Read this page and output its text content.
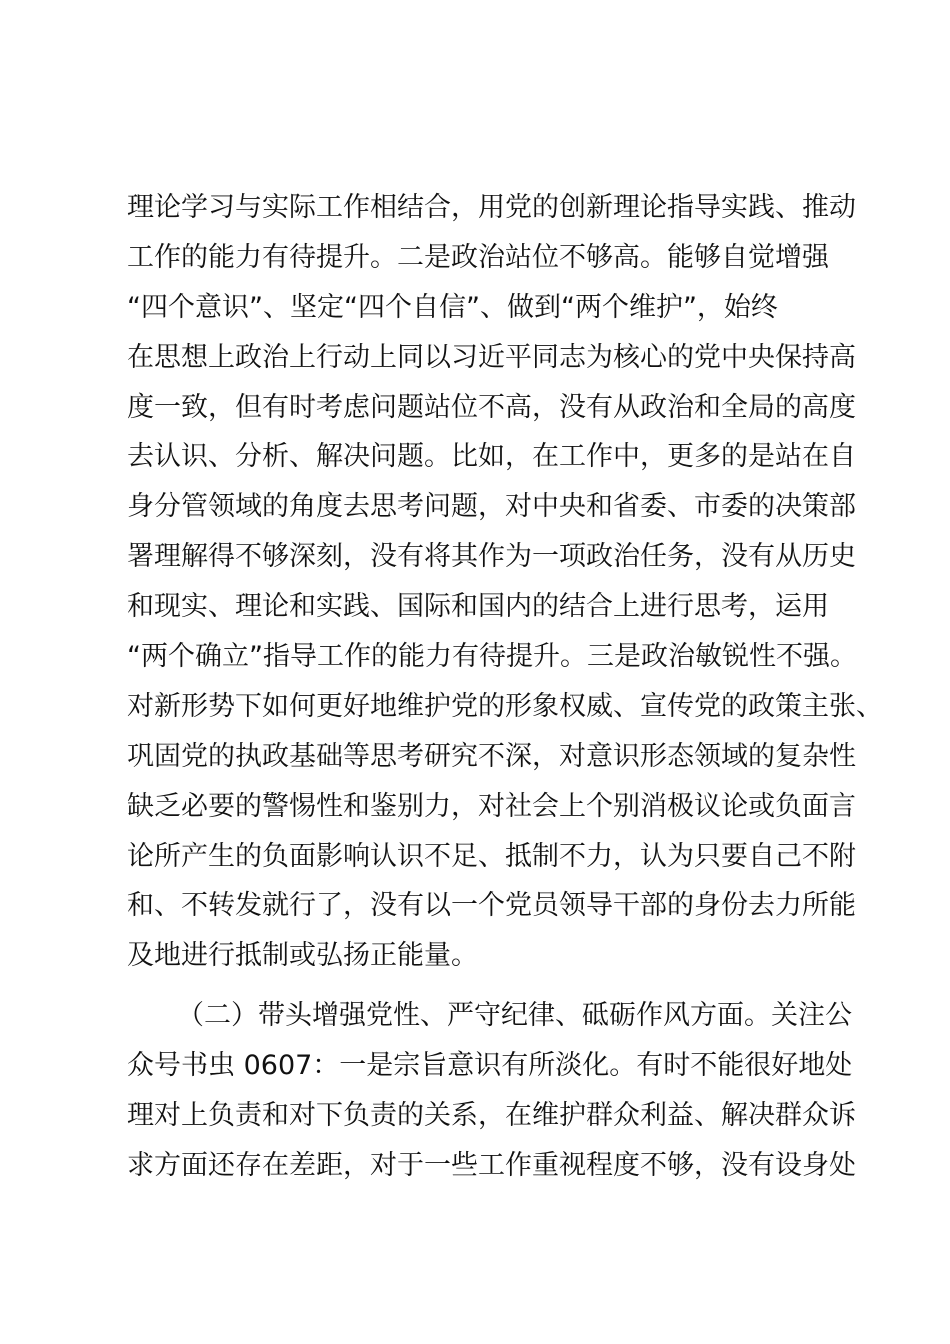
理论学习与实际工作相结合，用党的创新理论指导实践、推动
工作的能力有待提升。二是政治站位不够高。能够自觉增强
“四个意识”、坚定“四个自信”、做到“两个维护”，始终
在思想上政治上行动上同以习近平同志为核心的党中央保持高
度一致，但有时考虑问题站位不高，没有从政治和全局的高度
去认识、分析、解决问题。比如，在工作中，更多的是站在自
身分管领域的角度去思考问题，对中央和省委、市委的决策部
署理解得不够深刻，没有将其作为一项政治任务，没有从历史
和现实、理论和实践、国际和国内的结合上进行思考，运用
“两个确立”指导工作的能力有待提升。三是政治敏锐性不强。
对新形势下如何更好地维护党的形象权威、宣传党的政策主张、
巩固党的执政基础等思考研究不深，对意识形态领域的复杂性
缺乏必要的警惕性和鉴别力，对社会上个别消极议论或负面言
论所产生的负面影响认识不足、抵制不力，认为只要自己不附
和、不转发就行了，没有以一个党员领导干部的身份去力所能
及地进行抵制或弘扬正能量。
（二）带头增强党性、严守纪律、砥砺作风方面。关注公
众号书虫 0607：一是宗旨意识有所淡化。有时不能很好地处
理对上负责和对下负责的关系，在维护群众利益、解决群众诉
求方面还存在差距，对于一些工作重视程度不够，没有设身处
